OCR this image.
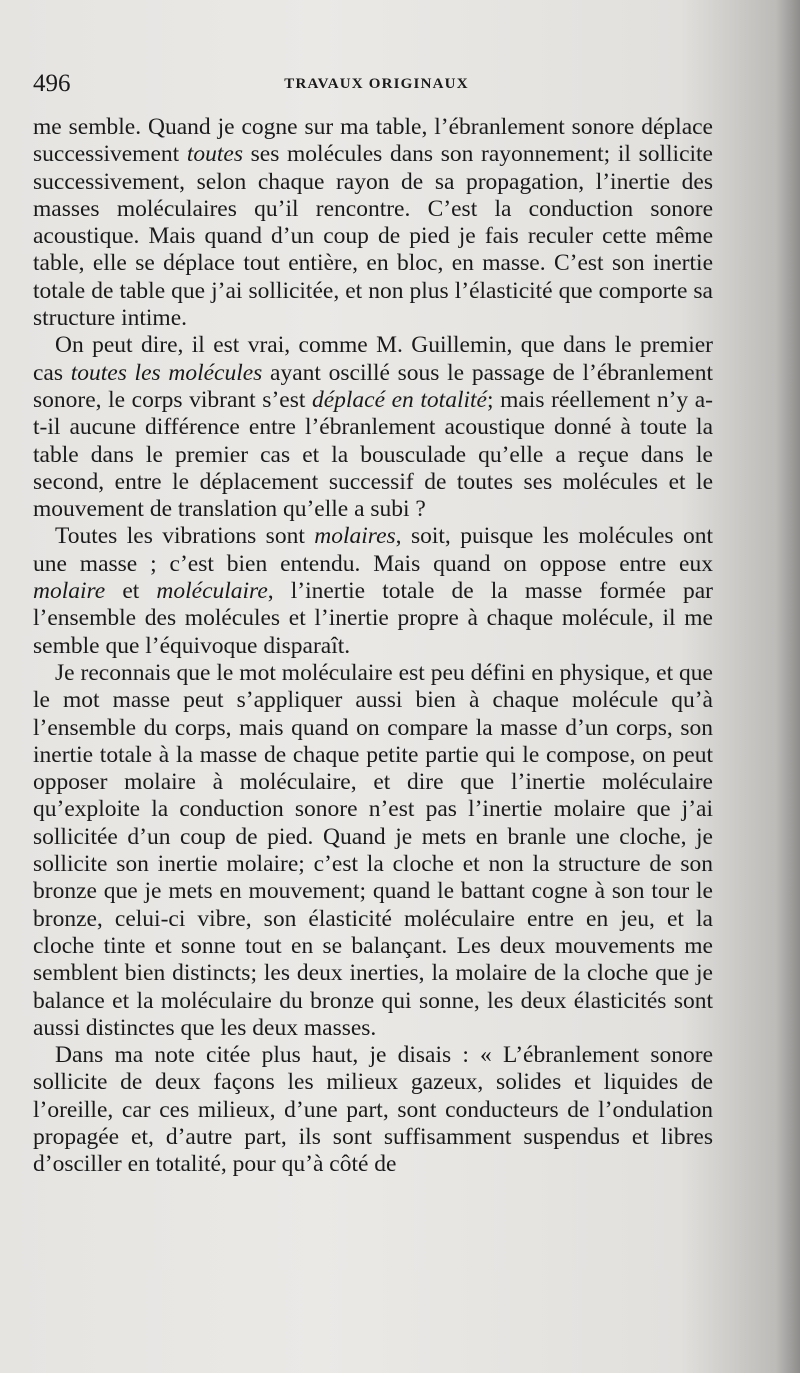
496	TRAVAUX ORIGINAUX

me semble. Quand je cogne sur ma table, l’ébranlement sonore déplace successivement toutes ses molécules dans son rayonnement; il sollicite successivement, selon chaque rayon de sa propagation, l’inertie des masses moléculaires qu’il rencontre. C’est la conduction sonore acoustique. Mais quand d’un coup de pied je fais reculer cette même table, elle se déplace tout entière, en bloc, en masse. C’est son inertie totale de table que j’ai sollicitée, et non plus l’élasticité que comporte sa structure intime.

On peut dire, il est vrai, comme M. Guillemin, que dans le premier cas toutes les molécules ayant oscillé sous le passage de l’ébranlement sonore, le corps vibrant s’est déplacé en totalité; mais réellement n’y a-t-il aucune différence entre l’ébranlement acoustique donné à toute la table dans le premier cas et la bousculade qu’elle a reçue dans le second, entre le déplacement successif de toutes ses molécules et le mouvement de translation qu’elle a subi ?

Toutes les vibrations sont molaires, soit, puisque les molécules ont une masse ; c’est bien entendu. Mais quand on oppose entre eux molaire et moléculaire, l’inertie totale de la masse formée par l’ensemble des molécules et l’inertie propre à chaque molécule, il me semble que l’équivoque disparaît.

Je reconnais que le mot moléculaire est peu défini en physique, et que le mot masse peut s’appliquer aussi bien à chaque molécule qu’à l’ensemble du corps, mais quand on compare la masse d’un corps, son inertie totale à la masse de chaque petite partie qui le compose, on peut opposer molaire à moléculaire, et dire que l’inertie moléculaire qu’exploite la conduction sonore n’est pas l’inertie molaire que j’ai sollicitée d’un coup de pied. Quand je mets en branle une cloche, je sollicite son inertie molaire; c’est la cloche et non la structure de son bronze que je mets en mouvement; quand le battant cogne à son tour le bronze, celui-ci vibre, son élasticité moléculaire entre en jeu, et la cloche tinte et sonne tout en se balançant. Les deux mouvements me semblent bien distincts; les deux inerties, la molaire de la cloche que je balance et la moléculaire du bronze qui sonne, les deux élasticités sont aussi distinctes que les deux masses.

Dans ma note citée plus haut, je disais : « L’ébranlement sonore sollicite de deux façons les milieux gazeux, solides et liquides de l’oreille, car ces milieux, d’une part, sont conducteurs de l’ondulation propagée et, d’autre part, ils sont suffisamment suspendus et libres d’osciller en totalité, pour qu’à côté de
